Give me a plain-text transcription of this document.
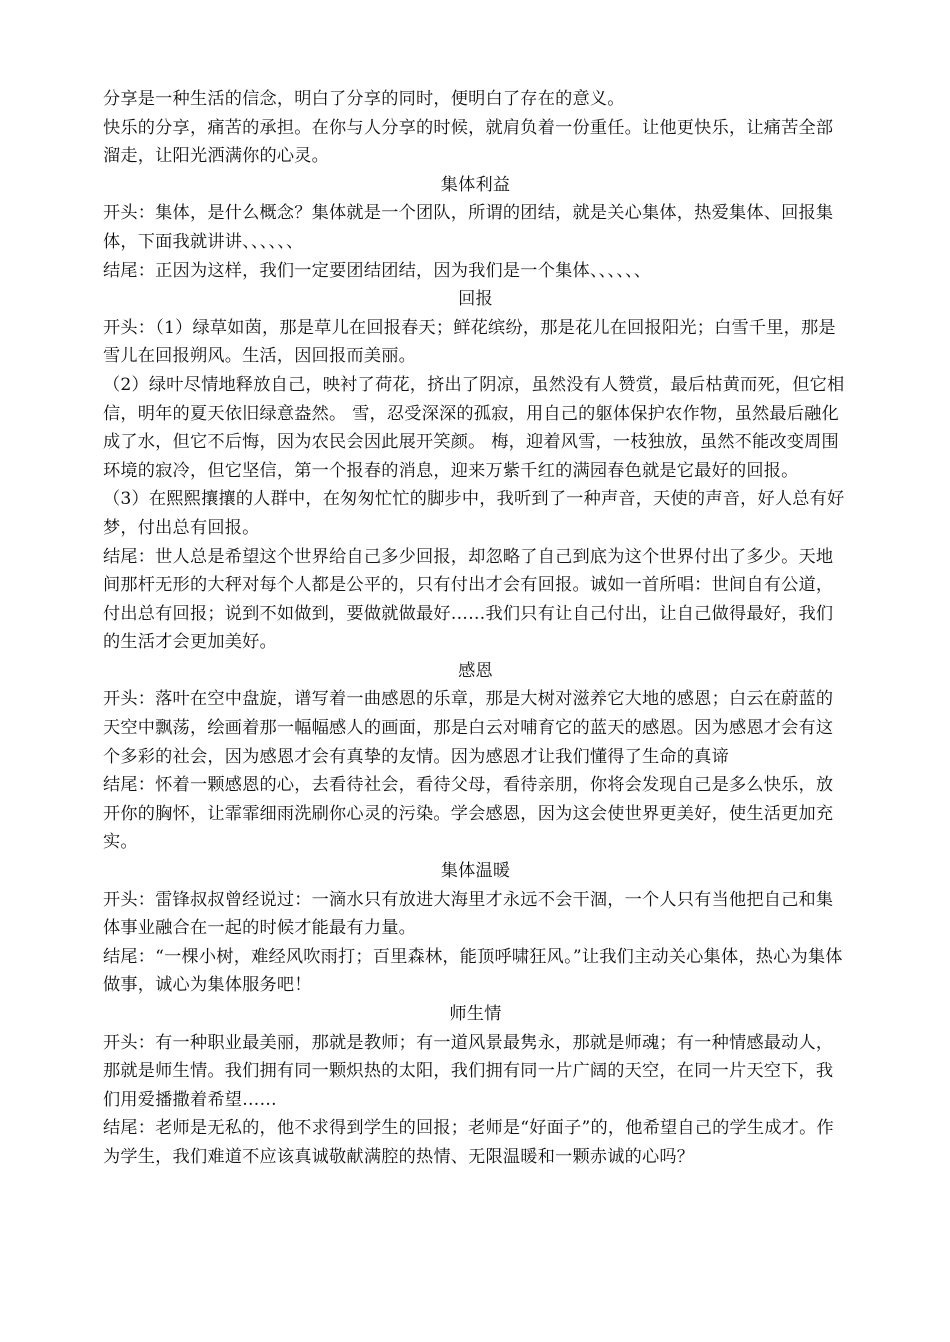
分享是一种生活的信念，明白了分享的同时，便明白了存在的意义。

快乐的分享，痛苦的承担。在你与人分享的时候，就肩负着一份重任。让他更快乐，让痛苦全部溜走，让阳光洒满你的心灵。

集体利益

开头：集体，是什么概念？集体就是一个团队，所谓的团结，就是关心集体，热爱集体、回报集体，下面我就讲讲、、、、、、

结尾：正因为这样，我们一定要团结团结，因为我们是一个集体、、、、、、

回报

开头：（1）绿草如茵，那是草儿在回报春天；鲜花缤纷，那是花儿在回报阳光；白雪千里，那是雪儿在回报朔风。生活，因回报而美丽。

（2）绿叶尽情地释放自己，映衬了荷花，挤出了阴凉，虽然没有人赞赏，最后枯黄而死，但它相信，明年的夏天依旧绿意盎然。 雪，忍受深深的孤寂，用自己的躯体保护农作物，虽然最后融化成了水，但它不后悔，因为农民会因此展开笑颜。 梅，迎着风雪，一枝独放，虽然不能改变周围环境的寂冷，但它坚信，第一个报春的消息，迎来万紫千红的满园春色就是它最好的回报。

（3）在熙熙攘攘的人群中，在匆匆忙忙的脚步中，我听到了一种声音，天使的声音，好人总有好梦，付出总有回报。

结尾：世人总是希望这个世界给自己多少回报，却忽略了自己到底为这个世界付出了多少。天地间那杆无形的大秤对每个人都是公平的，只有付出才会有回报。诚如一首所唱：世间自有公道，付出总有回报；说到不如做到，要做就做最好……我们只有让自己付出，让自己做得最好，我们的生活才会更加美好。

感恩

开头：落叶在空中盘旋，谱写着一曲感恩的乐章，那是大树对滋养它大地的感恩；白云在蔚蓝的天空中飘荡，绘画着那一幅幅感人的画面，那是白云对哺育它的蓝天的感恩。因为感恩才会有这个多彩的社会，因为感恩才会有真挚的友情。因为感恩才让我们懂得了生命的真谛

结尾：怀着一颗感恩的心，去看待社会，看待父母，看待亲朋，你将会发现自己是多么快乐，放开你的胸怀，让霏霏细雨洗刷你心灵的污染。学会感恩，因为这会使世界更美好，使生活更加充实。

集体温暖

开头：雷锋叔叔曾经说过：一滴水只有放进大海里才永远不会干涸，一个人只有当他把自己和集体事业融合在一起的时候才能最有力量。

结尾：“一棵小树，难经风吹雨打；百里森林，能顶呼啸狂风。”让我们主动关心集体，热心为集体做事，诚心为集体服务吧！

师生情

开头：有一种职业最美丽，那就是教师；有一道风景最隽永，那就是师魂；有一种情感最动人，那就是师生情。我们拥有同一颗炽热的太阳，我们拥有同一片广阔的天空，在同一片天空下，我们用爱播撒着希望……

结尾：老师是无私的，他不求得到学生的回报；老师是“好面子”的，他希望自己的学生成才。作为学生，我们难道不应该真诚敬献满腔的热情、无限温暖和一颗赤诚的心吗？
